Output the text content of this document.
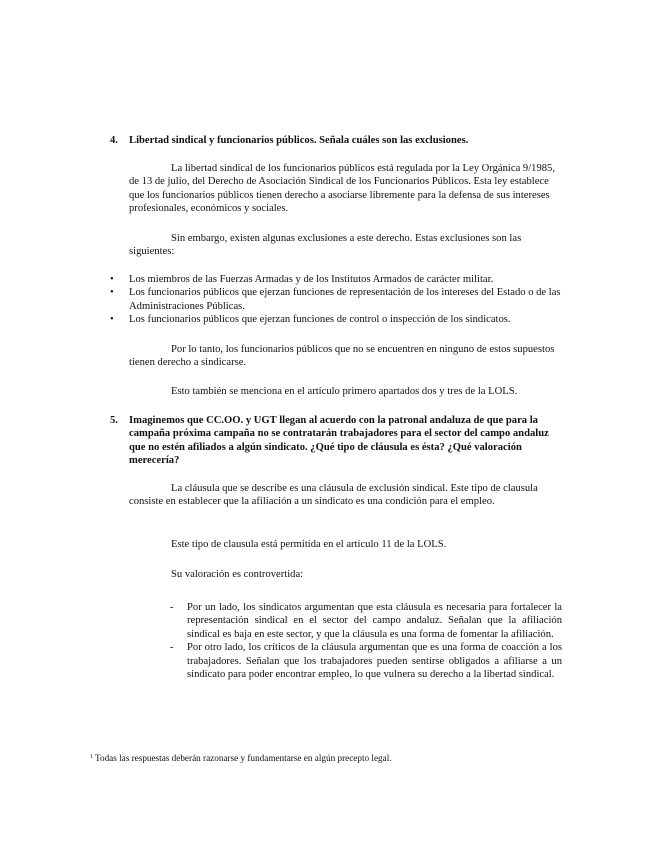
4. Libertad sindical y funcionarios públicos. Señala cuáles son las exclusiones.
La libertad sindical de los funcionarios públicos está regulada por la Ley Orgánica 9/1985, de 13 de julio, del Derecho de Asociación Sindical de los Funcionarios Públicos. Esta ley establece que los funcionarios públicos tienen derecho a asociarse libremente para la defensa de sus intereses profesionales, económicos y sociales.
Sin embargo, existen algunas exclusiones a este derecho. Estas exclusiones son las siguientes:
• Los miembros de las Fuerzas Armadas y de los Institutos Armados de carácter militar.
• Los funcionarios públicos que ejerzan funciones de representación de los intereses del Estado o de las Administraciones Públicas.
• Los funcionarios públicos que ejerzan funciones de control o inspección de los sindicatos.
Por lo tanto, los funcionarios públicos que no se encuentren en ninguno de estos supuestos tienen derecho a sindicarse.
Esto también se menciona en el artículo primero apartados dos y tres de la LOLS.
5. Imaginemos que CC.OO. y UGT llegan al acuerdo con la patronal andaluza de que para la campaña próxima campaña no se contratarán trabajadores para el sector del campo andaluz que no estén afiliados a algún sindicato. ¿Qué tipo de cláusula es ésta? ¿Qué valoración merecería?
La cláusula que se describe es una cláusula de exclusión sindical. Este tipo de clausula consiste en establecer que la afiliación a un sindicato es una condición para el empleo.
Este tipo de clausula está permitida en el artículo 11 de la LOLS.
Su valoración es controvertida:
- Por un lado, los sindicatos argumentan que esta cláusula es necesaria para fortalecer la representación sindical en el sector del campo andaluz. Señalan que la afiliación sindical es baja en este sector, y que la cláusula es una forma de fomentar la afiliación.
- Por otro lado, los críticos de la cláusula argumentan que es una forma de coacción a los trabajadores. Señalan que los trabajadores pueden sentirse obligados a afiliarse a un sindicato para poder encontrar empleo, lo que vulnera su derecho a la libertad sindical.
$^1$ Todas las respuestas deberán razonarse y fundamentarse en algún precepto legal.
